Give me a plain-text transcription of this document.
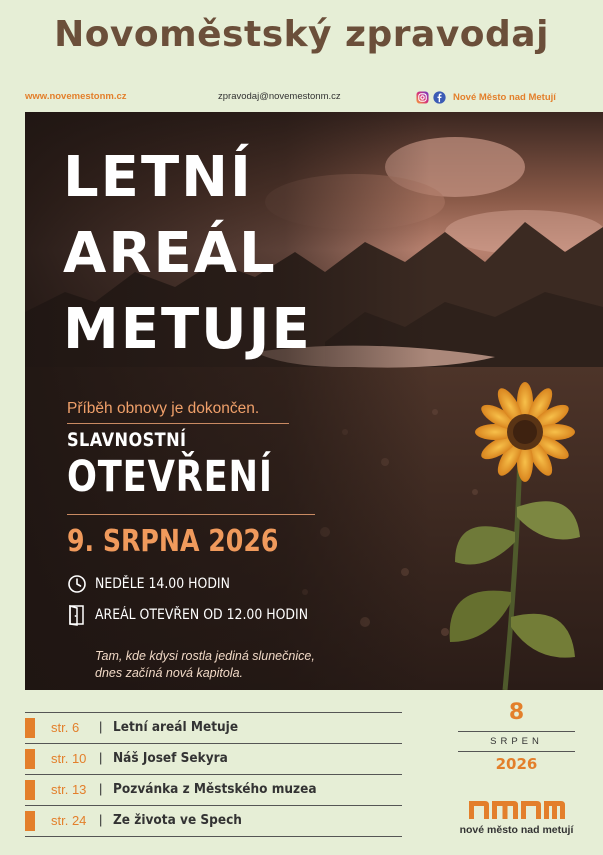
Novoměstský zpravodaj
www.novemestonm.cz	zpravodaj@novemestonm.cz	Nové Město nad Metují
LETNÍ
AREÁL
METUJE
Příběh obnovy je dokončen.
SLAVNOSTNÍ
OTEVŘENÍ
9. SRPNA 2026
NEDĚLE 14.00 HODIN
AREÁL OTEVŘEN OD 12.00 HODIN
Tam, kde kdysi rostla jediná slunečnice,
dnes začíná nová kapitola.
str. 6 | Letní areál Metuje
str. 10 | Náš Josef Sekyra
str. 13 | Pozvánka z Městského muzea
str. 24 | Ze života ve Spech
8
SRPEN
2026
nové město nad metují
